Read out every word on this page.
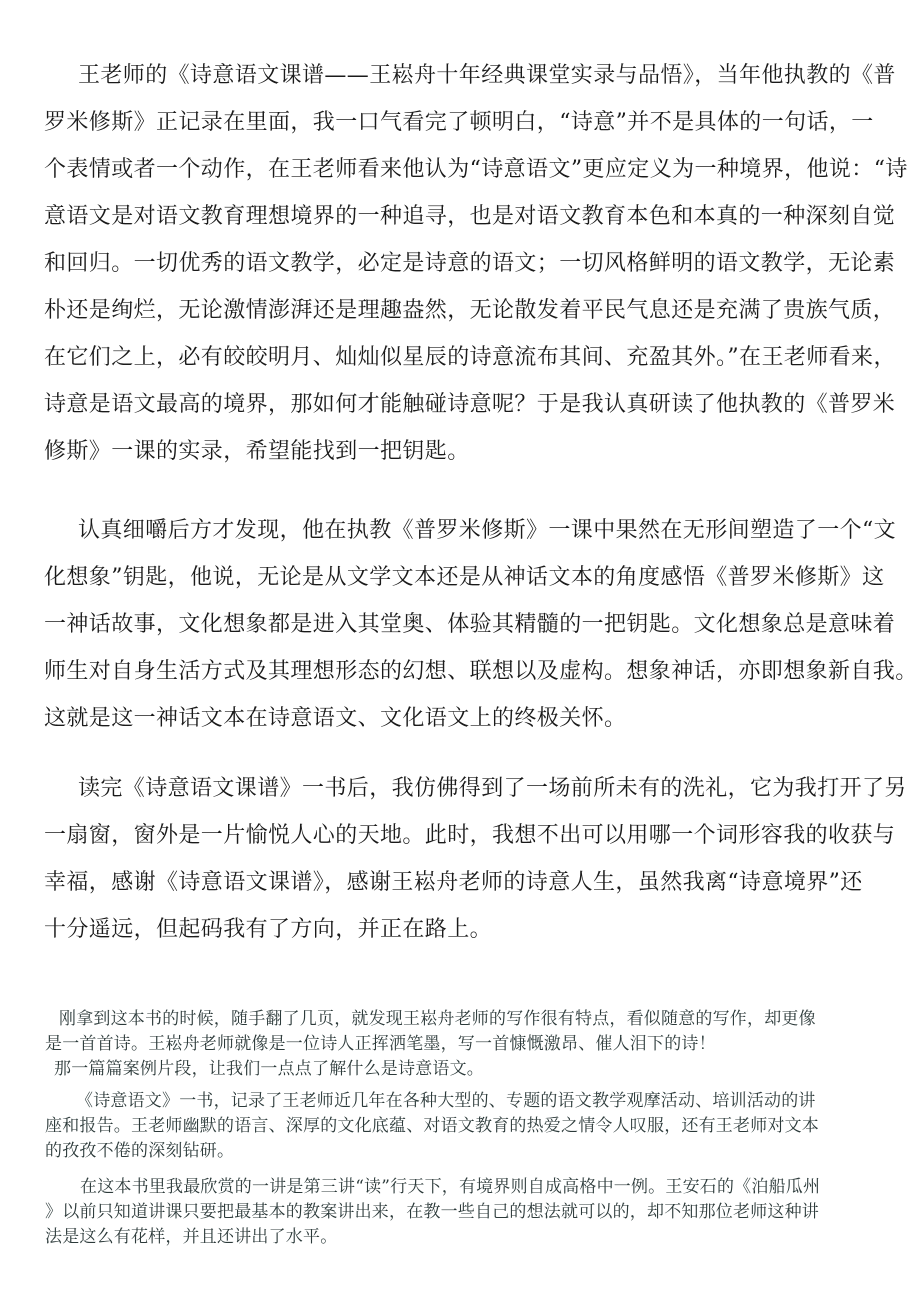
王老师的《诗意语文课谱——王崧舟十年经典课堂实录与品悟》，当年他执教的《普
罗米修斯》正记录在里面，我一口气看完了顿明白，“诗意”并不是具体的一句话，一
个表情或者一个动作，在王老师看来他认为“诗意语文”更应定义为一种境界，他说：“诗
意语文是对语文教育理想境界的一种追寻，也是对语文教育本色和本真的一种深刻自觉
和回归。一切优秀的语文教学，必定是诗意的语文；一切风格鲜明的语文教学，无论素
朴还是绚烂，无论激情澎湃还是理趣盎然，无论散发着平民气息还是充满了贵族气质，
在它们之上，必有皎皎明月、灿灿似星辰的诗意流布其间、充盈其外。”在王老师看来，
诗意是语文最高的境界，那如何才能触碰诗意呢？于是我认真研读了他执教的《普罗米
修斯》一课的实录，希望能找到一把钥匙。
认真细嚼后方才发现，他在执教《普罗米修斯》一课中果然在无形间塑造了一个“文
化想象”钥匙，他说，无论是从文学文本还是从神话文本的角度感悟《普罗米修斯》这
一神话故事，文化想象都是进入其堂奥、体验其精髓的一把钥匙。文化想象总是意味着
师生对自身生活方式及其理想形态的幻想、联想以及虚构。想象神话，亦即想象新自我。
这就是这一神话文本在诗意语文、文化语文上的终极关怀。
读完《诗意语文课谱》一书后，我仿佛得到了一场前所未有的洗礼，它为我打开了另
一扇窗，窗外是一片愉悦人心的天地。此时，我想不出可以用哪一个词形容我的收获与
幸福，感谢《诗意语文课谱》，感谢王崧舟老师的诗意人生，虽然我离“诗意境界”还
十分遥远，但起码我有了方向，并正在路上。
刚拿到这本书的时候，随手翻了几页，就发现王崧舟老师的写作很有特点，看似随意的写作，却更像
是一首首诗。王崧舟老师就像是一位诗人正挥洒笔墨，写一首慷慨激昂、催人泪下的诗！
那一篇篇案例片段，让我们一点点了解什么是诗意语文。
《诗意语文》一书，记录了王老师近几年在各种大型的、专题的语文教学观摩活动、培训活动的讲
座和报告。王老师幽默的语言、深厚的文化底蕴、对语文教育的热爱之情令人叹服，还有王老师对文本
的孜孜不倦的深刻钻研。
在这本书里我最欣赏的一讲是第三讲“读”行天下，有境界则自成高格中一例。王安石的《泊船瓜州
》以前只知道讲课只要把最基本的教案讲出来，在教一些自己的想法就可以的，却不知那位老师这种讲
法是这么有花样，并且还讲出了水平。
